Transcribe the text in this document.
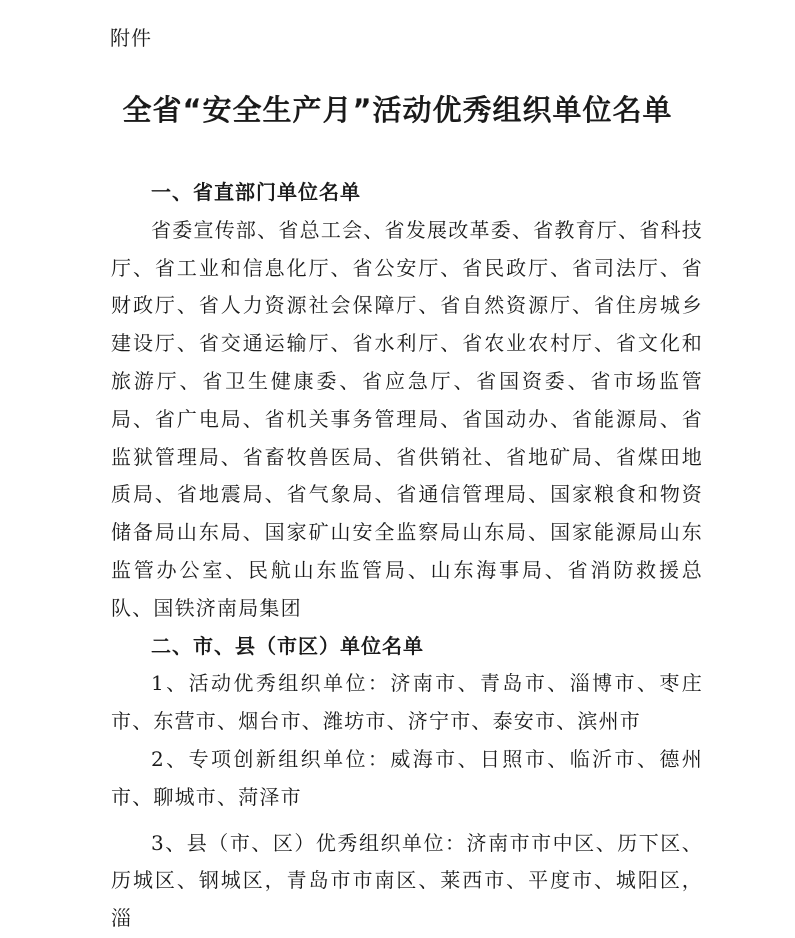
附件
全省“安全生产月”活动优秀组织单位名单

一、省直部门单位名单

省委宣传部、省总工会、省发展改革委、省教育厅、省科技厅、省工业和信息化厅、省公安厅、省民政厅、省司法厅、省财政厅、省人力资源社会保障厅、省自然资源厅、省住房城乡建设厅、省交通运输厅、省水利厅、省农业农村厅、省文化和旅游厅、省卫生健康委、省应急厅、省国资委、省市场监管局、省广电局、省机关事务管理局、省国动办、省能源局、省监狱管理局、省畜牧兽医局、省供销社、省地矿局、省煤田地质局、省地震局、省气象局、省通信管理局、国家粮食和物资储备局山东局、国家矿山安全监察局山东局、国家能源局山东监管办公室、民航山东监管局、山东海事局、省消防救援总队、国铁济南局集团

二、市、县（市区）单位名单

1、活动优秀组织单位：济南市、青岛市、淄博市、枣庄市、东营市、烟台市、潍坊市、济宁市、泰安市、滨州市

2、专项创新组织单位：威海市、日照市、临沂市、德州市、聊城市、菏泽市

3、县（市、区）优秀组织单位：济南市市中区、历下区、历城区、钢城区，青岛市市南区、莱西市、平度市、城阳区，淄
